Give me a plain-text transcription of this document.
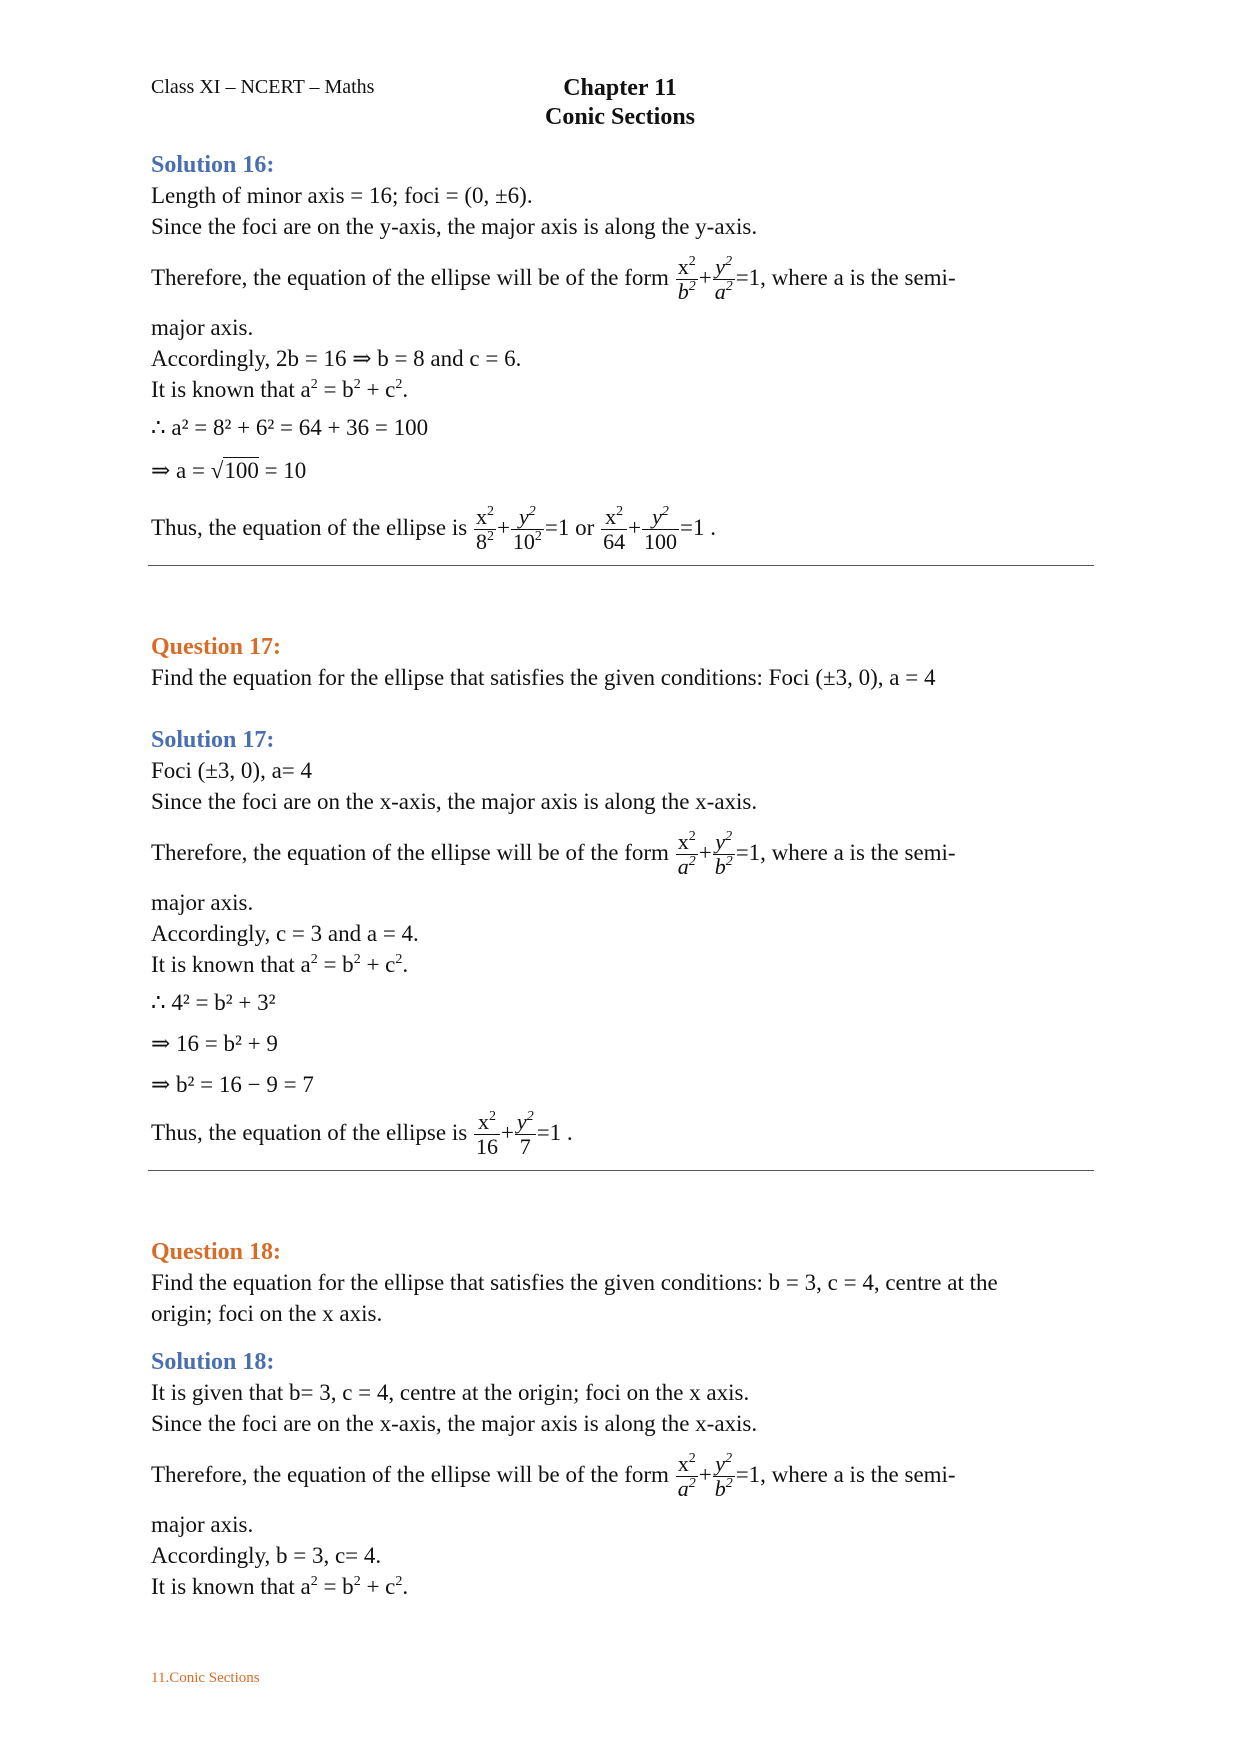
Class XI – NCERT – Maths	Chapter 11
Conic Sections
Solution 16:
Length of minor axis = 16; foci = (0, ±6).
Since the foci are on the y-axis, the major axis is along the y-axis.
Therefore, the equation of the ellipse will be of the form $\frac{x^2}{b^2} + \frac{y^2}{a^2} =1$, where a is the semi-
major axis.
Accordingly, 2b = 16 ⇒ b = 8 and c = 6.
It is known that $a^2 = b^2 + c^2$.
∴ a² = 8² + 6² = 64 + 36 = 100
⇒ a = √100 = 10
Thus, the equation of the ellipse is $\frac{x^2}{8^2} + \frac{y^2}{10^2} =1$ or $\frac{x^2}{64} + \frac{y^2}{100} =1$ .
Question 17:
Find the equation for the ellipse that satisfies the given conditions: Foci (±3, 0), a = 4
Solution 17:
Foci (±3, 0), a= 4
Since the foci are on the x-axis, the major axis is along the x-axis.
Therefore, the equation of the ellipse will be of the form $\frac{x^2}{a^2} + \frac{y^2}{b^2} =1$, where a is the semi-
major axis.
Accordingly, c = 3 and a = 4.
It is known that $a^2 = b^2 + c^2$.
∴ 4² = b² + 3²
⇒ 16 = b² + 9
⇒ b² = 16 − 9 = 7
Thus, the equation of the ellipse is $\frac{x^2}{16} + \frac{y^2}{7} =1$ .
Question 18:
Find the equation for the ellipse that satisfies the given conditions: b = 3, c = 4, centre at the
origin; foci on the x axis.
Solution 18:
It is given that b= 3, c = 4, centre at the origin; foci on the x axis.
Since the foci are on the x-axis, the major axis is along the x-axis.
Therefore, the equation of the ellipse will be of the form $\frac{x^2}{a^2} + \frac{y^2}{b^2} =1$, where a is the semi-
major axis.
Accordingly, b = 3, c= 4.
It is known that $a^2 = b^2 + c^2$.
11.Conic Sections
